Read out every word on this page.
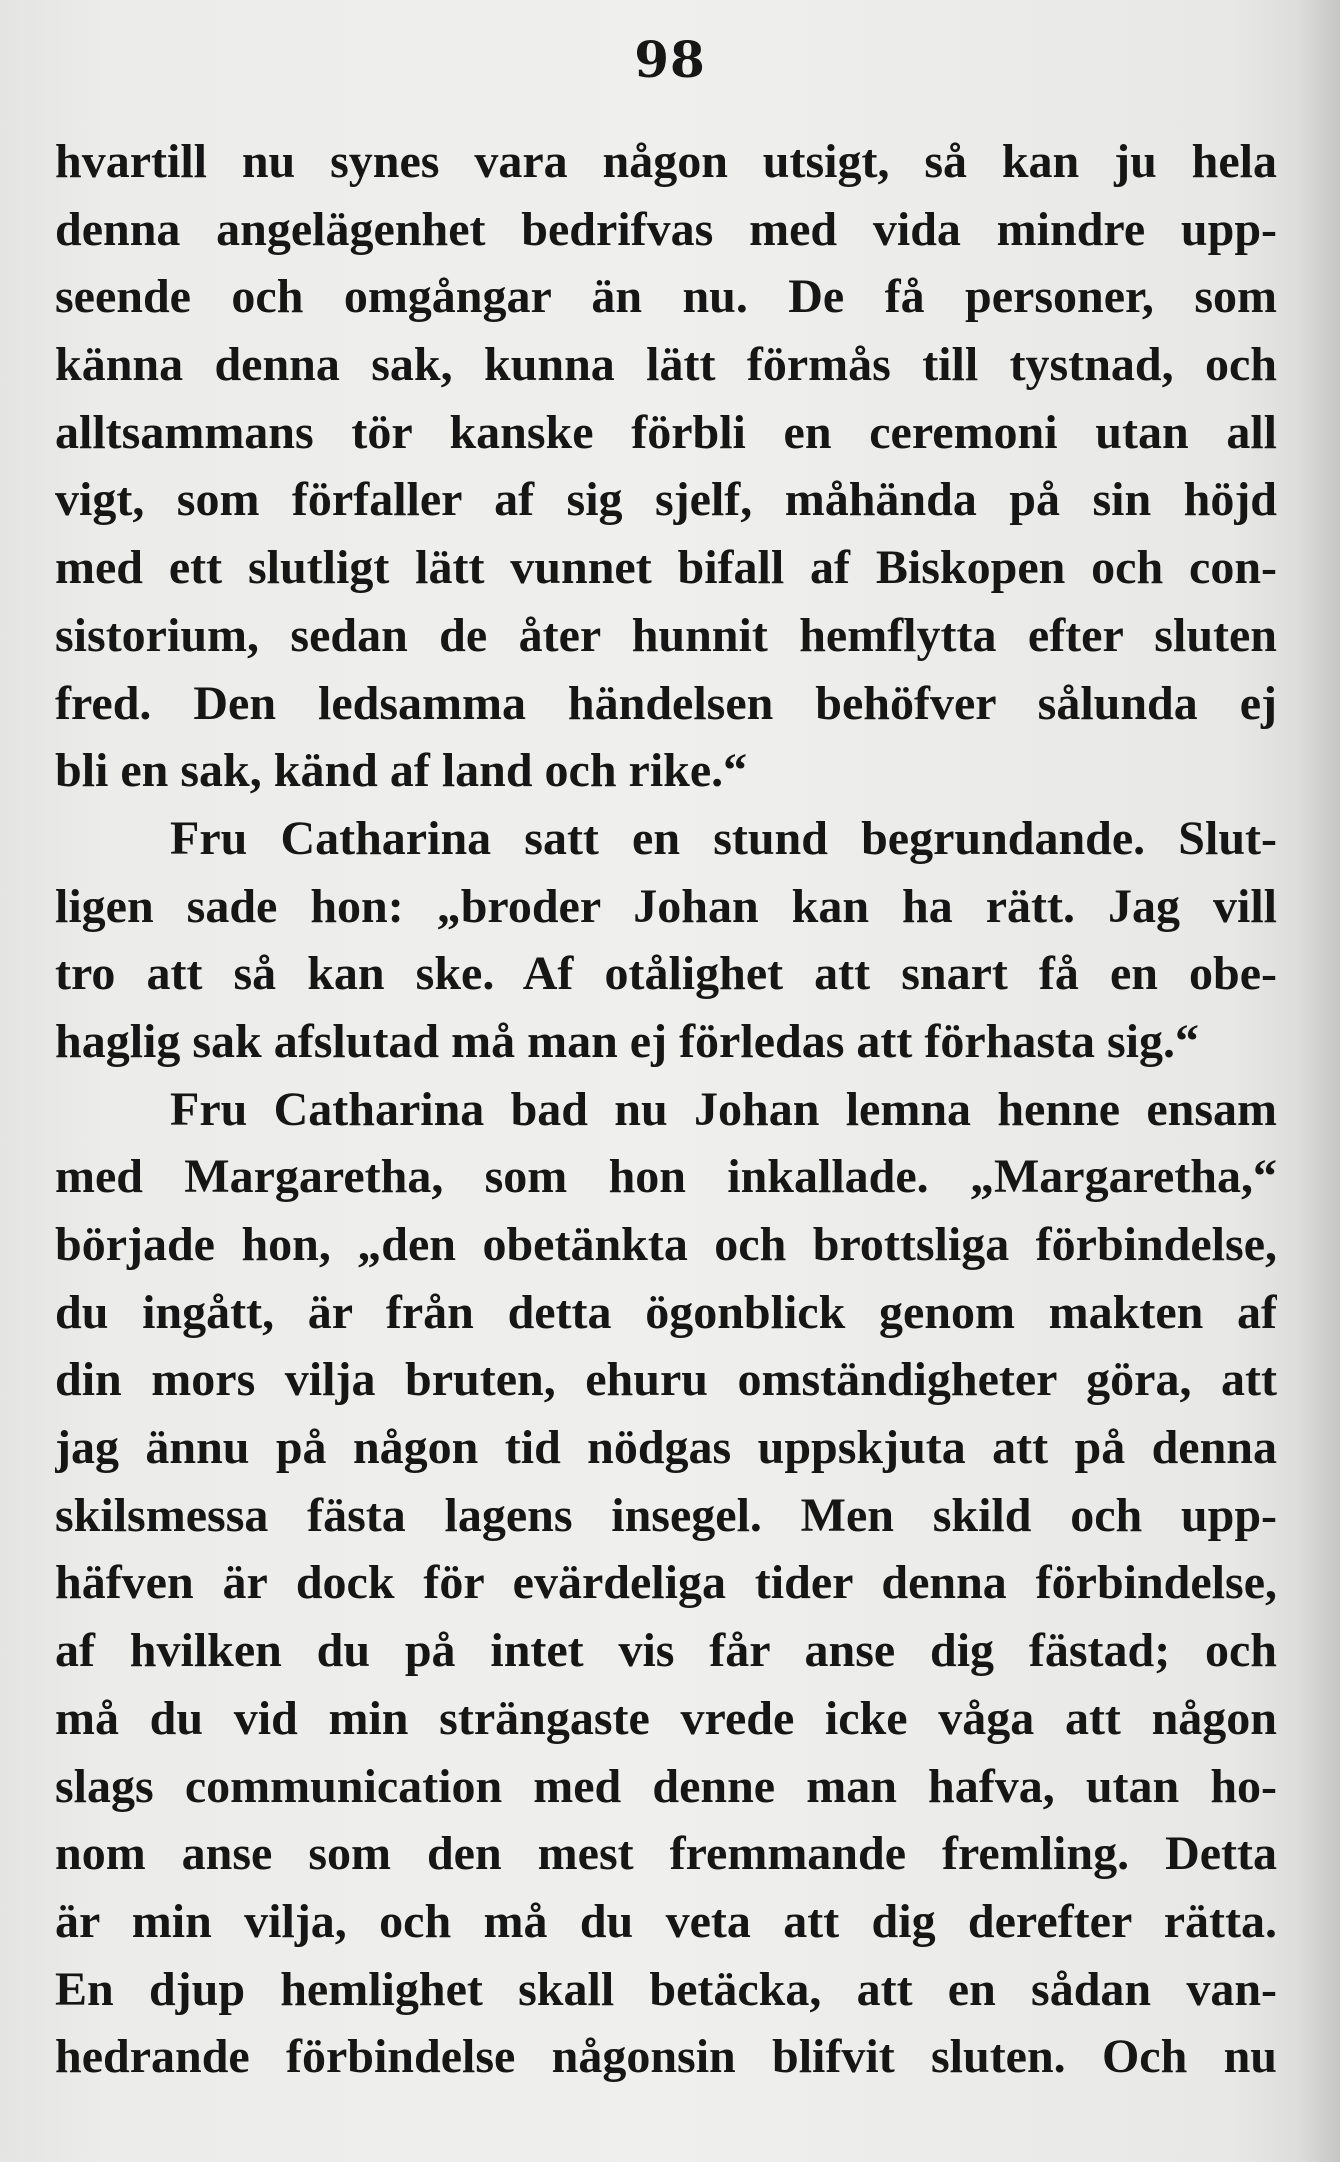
98
hvartill nu synes vara någon utsigt, så kan ju hela
denna angelägenhet bedrifvas med vida mindre upp-
seende och omgångar än nu. De få personer, som
känna denna sak, kunna lätt förmås till tystnad, och
alltsammans tör kanske förbli en ceremoni utan all
vigt, som förfaller af sig sjelf, måhända på sin höjd
med ett slutligt lätt vunnet bifall af Biskopen och con-
sistorium, sedan de åter hunnit hemflytta efter sluten
fred. Den ledsamma händelsen behöfver sålunda ej
bli en sak, känd af land och rike.“
Fru Catharina satt en stund begrundande. Slut-
ligen sade hon: „broder Johan kan ha rätt. Jag vill
tro att så kan ske. Af otålighet att snart få en obe-
haglig sak afslutad må man ej förledas att förhasta sig.“
Fru Catharina bad nu Johan lemna henne ensam
med Margaretha, som hon inkallade. „Margaretha,“
började hon, „den obetänkta och brottsliga förbindelse,
du ingått, är från detta ögonblick genom makten af
din mors vilja bruten, ehuru omständigheter göra, att
jag ännu på någon tid nödgas uppskjuta att på denna
skilsmessa fästa lagens insegel. Men skild och upp-
häfven är dock för evärdeliga tider denna förbindelse,
af hvilken du på intet vis får anse dig fästad; och
må du vid min strängaste vrede icke våga att någon
slags communication med denne man hafva, utan ho-
nom anse som den mest fremmande fremling. Detta
är min vilja, och må du veta att dig derefter rätta.
En djup hemlighet skall betäcka, att en sådan van-
hedrande förbindelse någonsin blifvit sluten. Och nu
